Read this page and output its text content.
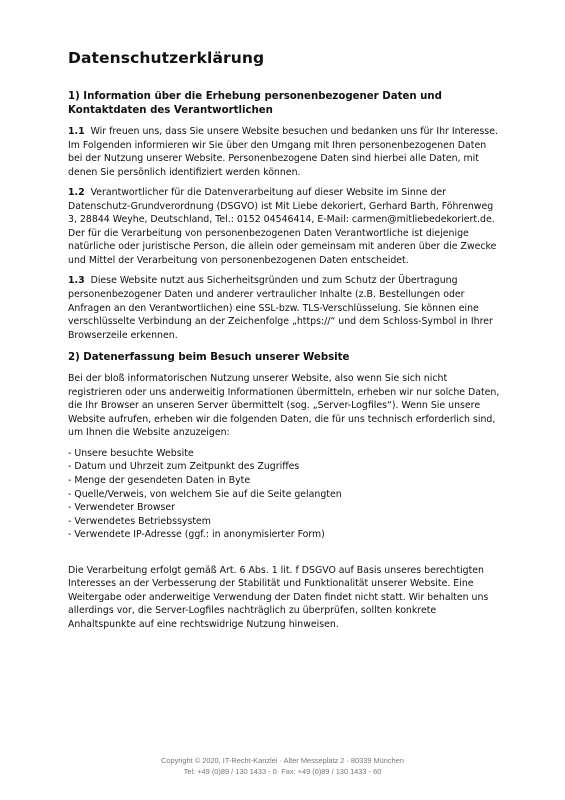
Datenschutzerklärung
1) Information über die Erhebung personenbezogener Daten und Kontaktdaten des Verantwortlichen

1.1 Wir freuen uns, dass Sie unsere Website besuchen und bedanken uns für Ihr Interesse. Im Folgenden informieren wir Sie über den Umgang mit Ihren personenbezogenen Daten bei der Nutzung unserer Website. Personenbezogene Daten sind hierbei alle Daten, mit denen Sie persönlich identifiziert werden können.

1.2 Verantwortlicher für die Datenverarbeitung auf dieser Website im Sinne der Datenschutz-Grundverordnung (DSGVO) ist Mit Liebe dekoriert, Gerhard Barth, Föhrenweg 3, 28844 Weyhe, Deutschland, Tel.: 0152 04546414, E-Mail: carmen@mitliebedekoriert.de. Der für die Verarbeitung von personenbezogenen Daten Verantwortliche ist diejenige natürliche oder juristische Person, die allein oder gemeinsam mit anderen über die Zwecke und Mittel der Verarbeitung von personenbezogenen Daten entscheidet.

1.3 Diese Website nutzt aus Sicherheitsgründen und zum Schutz der Übertragung personenbezogener Daten und anderer vertraulicher Inhalte (z.B. Bestellungen oder Anfragen an den Verantwortlichen) eine SSL-bzw. TLS-Verschlüsselung. Sie können eine verschlüsselte Verbindung an der Zeichenfolge „https://“ und dem Schloss-Symbol in Ihrer Browserzeile erkennen.

2) Datenerfassung beim Besuch unserer Website

Bei der bloß informatorischen Nutzung unserer Website, also wenn Sie sich nicht registrieren oder uns anderweitig Informationen übermitteln, erheben wir nur solche Daten, die Ihr Browser an unseren Server übermittelt (sog. „Server-Logfiles“). Wenn Sie unsere Website aufrufen, erheben wir die folgenden Daten, die für uns technisch erforderlich sind, um Ihnen die Website anzuzeigen:

- Unsere besuchte Website
- Datum und Uhrzeit zum Zeitpunkt des Zugriffes
- Menge der gesendeten Daten in Byte
- Quelle/Verweis, von welchem Sie auf die Seite gelangten
- Verwendeter Browser
- Verwendetes Betriebssystem
- Verwendete IP-Adresse (ggf.: in anonymisierter Form)

Die Verarbeitung erfolgt gemäß Art. 6 Abs. 1 lit. f DSGVO auf Basis unseres berechtigten Interesses an der Verbesserung der Stabilität und Funktionalität unserer Website. Eine Weitergabe oder anderweitige Verwendung der Daten findet nicht statt. Wir behalten uns allerdings vor, die Server-Logfiles nachträglich zu überprüfen, sollten konkrete Anhaltspunkte auf eine rechtswidrige Nutzung hinweisen.

Copyright © 2020, IT-Recht-Kanzlei · Alter Messeplatz 2 · 80339 München
Tel: +49 (0)89 / 130 1433 - 0· Fax: +49 (0)89 / 130 1433 - 60
